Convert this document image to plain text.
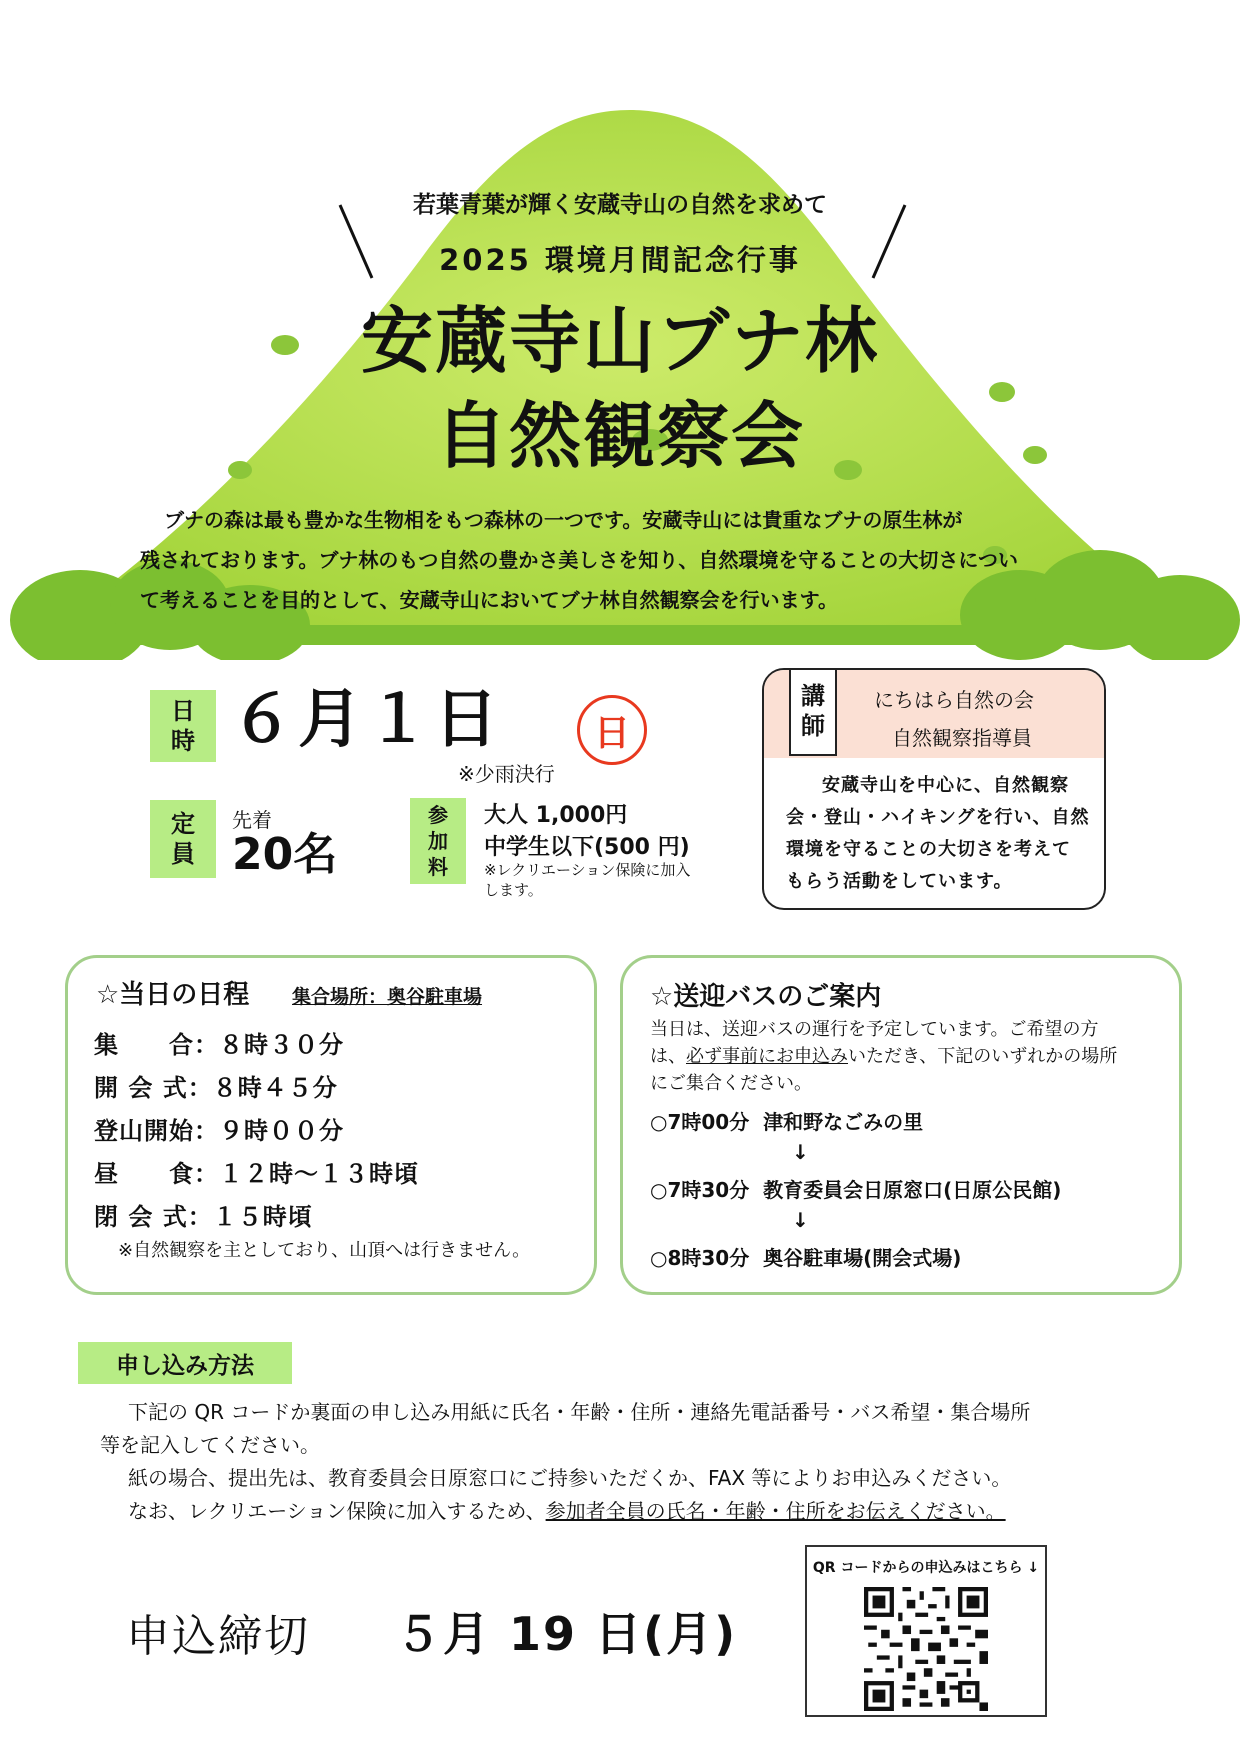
若葉青葉が輝く安蔵寺山の自然を求めて
2025 環境月間記念行事
安蔵寺山ブナ林
自然観察会
ブナの森は最も豊かな生物相をもつ森林の一つです。安蔵寺山には貴重なブナの原生林が
残されております。ブナ林のもつ自然の豊かさ美しさを知り、自然環境を守ることの大切さについ
て考えることを目的として、安蔵寺山においてブナ林自然観察会を行います。
日
時 ６月１日	日
※少雨決行
定
員
先着
20名
参
加
料
大人 1,000円
中学生以下(500 円)
※レクリエーション保険に加入
します。
講
師
にちはら自然の会
自然観察指導員
安蔵寺山を中心に、自然観察
会・登山・ハイキングを行い、自然
環境を守ることの大切さを考えて
もらう活動をしています。
☆当日の日程 集合場所：奥谷駐車場
集　　合：８時３０分
開 会 式：８時４５分
登山開始：９時００分
昼　　食：１２時～１３時頃
閉 会 式：１５時頃
※自然観察を主としており、山頂へは行きません。
☆送迎バスのご案内
当日は、送迎バスの運行を予定しています。ご希望の方
は、必ず事前にお申込みいただき、下記のいずれかの場所
にご集合ください。
○7時00分 津和野なごみの里
↓
○7時30分 教育委員会日原窓口(日原公民館)
↓
○8時30分 奥谷駐車場(開会式場)
申し込み方法
下記の QR コードか裏面の申し込み用紙に氏名・年齢・住所・連絡先電話番号・バス希望・集合場所
等を記入してください。
紙の場合、提出先は、教育委員会日原窓口にご持参いただくか、FAX 等によりお申込みください。
なお、レクリエーション保険に加入するため、参加者全員の氏名・年齢・住所をお伝えください。
申込締切 ５月 19 日(月)
QR コードからの申込みはこちら ↓
